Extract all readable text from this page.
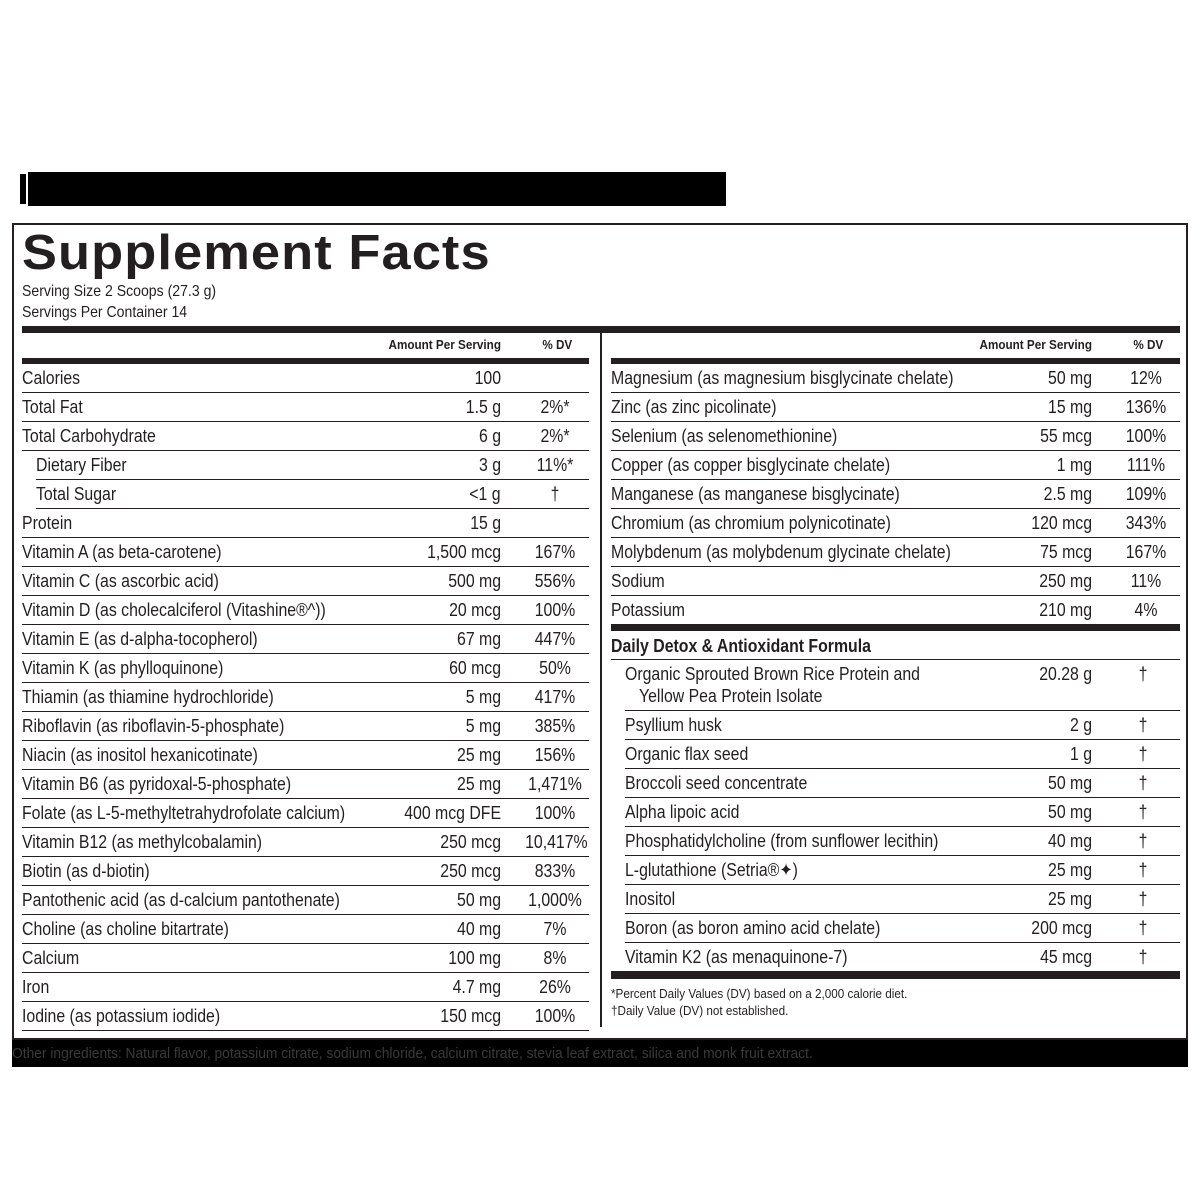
Supplement Facts
Serving Size 2 Scoops (27.3 g)
Servings Per Container 14
Amount Per Serving	% DV
Calories	100
Total Fat	1.5 g	2%*
Total Carbohydrate	6 g	2%*
Dietary Fiber	3 g	11%*
Total Sugar	<1 g	†
Protein	15 g
Vitamin A (as beta-carotene)	1,500 mcg	167%
Vitamin C (as ascorbic acid)	500 mg	556%
Vitamin D (as cholecalciferol (Vitashine®^))	20 mcg	100%
Vitamin E (as d-alpha-tocopherol)	67 mg	447%
Vitamin K (as phylloquinone)	60 mcg	50%
Thiamin (as thiamine hydrochloride)	5 mg	417%
Riboflavin (as riboflavin-5-phosphate)	5 mg	385%
Niacin (as inositol hexanicotinate)	25 mg	156%
Vitamin B6 (as pyridoxal-5-phosphate)	25 mg 1,471%
Folate (as L-5-methyltetrahydrofolate calcium)	400 mcg DFE	100%
Vitamin B12 (as methylcobalamin)	250 mcg 10,417%
Biotin (as d-biotin)	250 mcg	833%
Pantothenic acid (as d-calcium pantothenate)	50 mg 1,000%
Choline (as choline bitartrate)	40 mg	7%
Calcium	100 mg	8%
Iron	4.7 mg	26%
Iodine (as potassium iodide)	150 mcg	100%
Amount Per Serving	% DV
Magnesium (as magnesium bisglycinate chelate)	50 mg	12%
Zinc (as zinc picolinate)	15 mg	136%
Selenium (as selenomethionine)	55 mcg	100%
Copper (as copper bisglycinate chelate)	1 mg	111%
Manganese (as manganese bisglycinate)	2.5 mg	109%
Chromium (as chromium polynicotinate)	120 mcg	343%
Molybdenum (as molybdenum glycinate chelate)	75 mcg	167%
Sodium	250 mg	11%
Potassium	210 mg	4%
Daily Detox & Antioxidant Formula
Organic Sprouted Brown Rice Protein and
Yellow Pea Protein Isolate
20.28 g	†
Psyllium husk	2 g	†
Organic flax seed	1 g	†
Broccoli seed concentrate	50 mg	†
Alpha lipoic acid	50 mg	†
Phosphatidylcholine (from sunflower lecithin)	40 mg	†
L-glutathione (Setria®✦)	25 mg	†
Inositol	25 mg	†
Boron (as boron amino acid chelate)	200 mcg	†
Vitamin K2 (as menaquinone-7)	45 mcg	†
*Percent Daily Values (DV) based on a 2,000 calorie diet.
†Daily Value (DV) not established.
Other ingredients: Natural flavor, potassium citrate, sodium chloride, calcium citrate, stevia leaf extract, silica and monk fruit extract.
